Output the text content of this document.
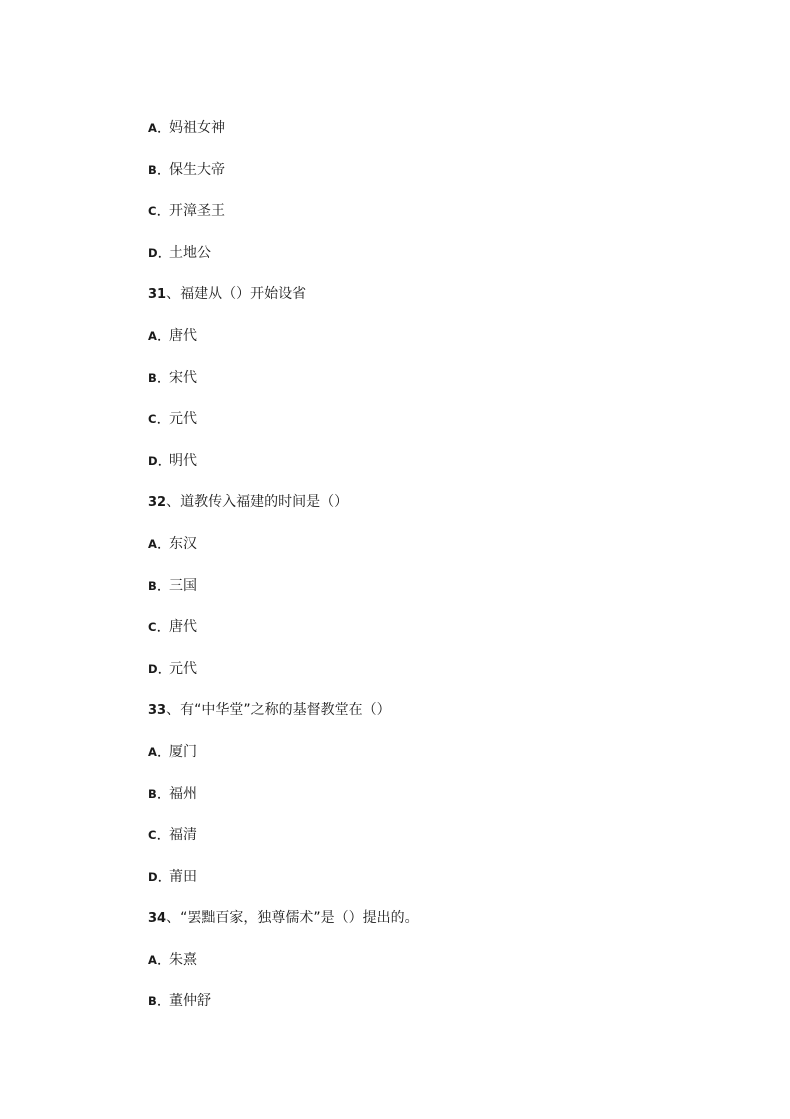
A．妈祖女神
B．保生大帝
C．开漳圣王
D．土地公
31、福建从（）开始设省
A．唐代
B．宋代
C．元代
D．明代
32、道教传入福建的时间是（）
A．东汉
B．三国
C．唐代
D．元代
33、有“中华堂”之称的基督教堂在（）
A．厦门
B．福州
C．福清
D．莆田
34、“罢黜百家，独尊儒术”是（）提出的。
A．朱熹
B．董仲舒
